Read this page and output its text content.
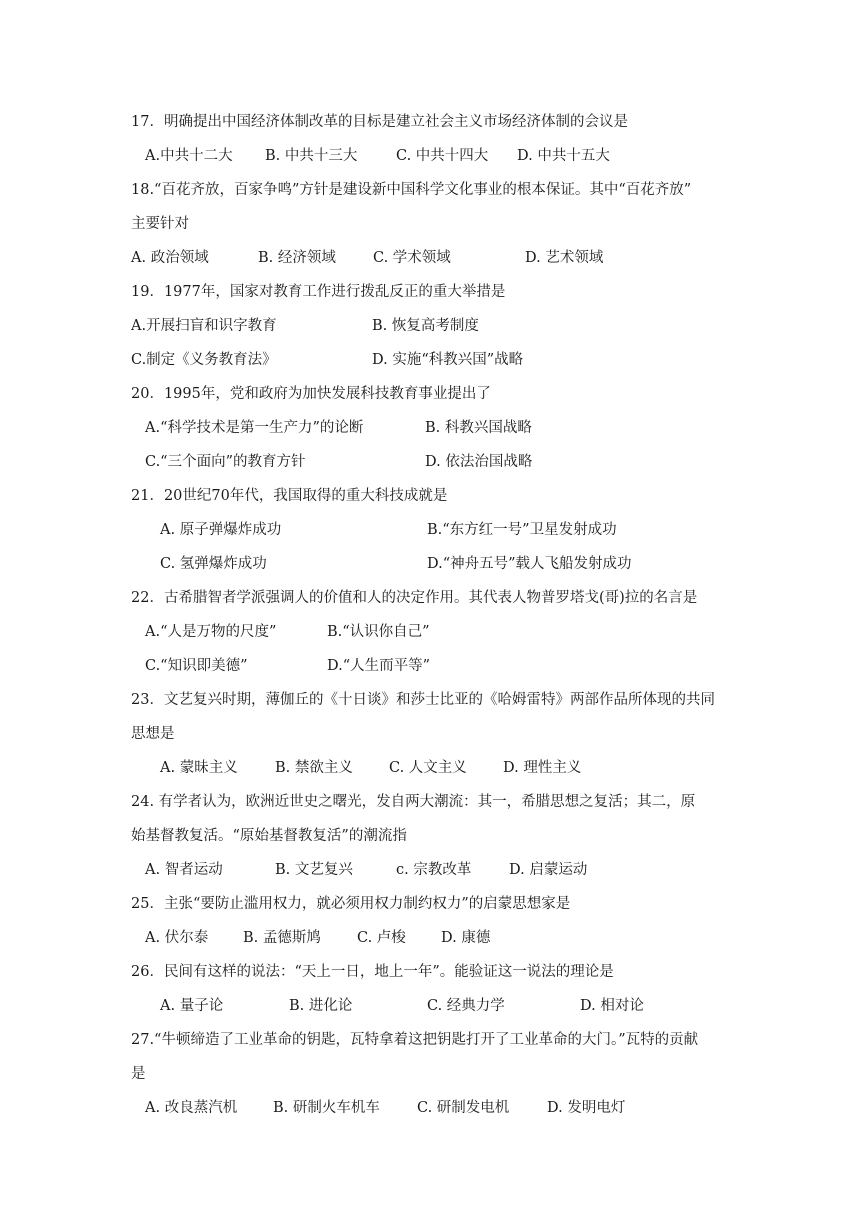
17．明确提出中国经济体制改革的目标是建立社会主义市场经济体制的会议是
A.中共十二大 B. 中共十三大	C. 中共十四大 D. 中共十五大
18.“百花齐放，百家争鸣”方针是建设新中国科学文化事业的根本保证。其中“百花齐放”
主要针对
A. 政治领域	B. 经济领域	C. 学术领域	D. 艺术领域
19．1977年，国家对教育工作进行拨乱反正的重大举措是
A.开展扫盲和识字教育	B. 恢复高考制度
C.制定《义务教育法》	D. 实施“科教兴国”战略
20．1995年，党和政府为加快发展科技教育事业提出了
A.“科学技术是第一生产力”的论断	B. 科教兴国战略
C.“三个面向”的教育方针	D. 依法治国战略
21．20世纪70年代，我国取得的重大科技成就是
A. 原子弹爆炸成功	B.“东方红一号”卫星发射成功
C. 氢弹爆炸成功	D.“神舟五号”载人飞船发射成功
22．古希腊智者学派强调人的价值和人的决定作用。其代表人物普罗塔戈(哥)拉的名言是
A.“人是万物的尺度”	B.“认识你自己”
C.“知识即美德”	D.“人生而平等”
23．文艺复兴时期，薄伽丘的《十日谈》和莎士比亚的《哈姆雷特》两部作品所体现的共同
思想是
A. 蒙昧主义	B. 禁欲主义 C. 人文主义 D. 理性主义
24. 有学者认为，欧洲近世史之曙光，发自两大潮流：其一，希腊思想之复活；其二，原
始基督教复活。“原始基督教复活”的潮流指
A. 智者运动	B. 文艺复兴	c. 宗教改革	D. 启蒙运动
25．主张“要防止滥用权力，就必须用权力制约权力”的启蒙思想家是
A. 伏尔泰 B. 孟德斯鸠 C. 卢梭 D. 康德
26．民间有这样的说法：“天上一日，地上一年”。能验证这一说法的理论是
A. 量子论	B. 进化论	C. 经典力学	D. 相对论
27.“牛顿缔造了工业革命的钥匙，瓦特拿着这把钥匙打开了工业革命的大门。”瓦特的贡献
是
A. 改良蒸汽机 B. 研制火车机车	C. 研制发电机	D. 发明电灯
